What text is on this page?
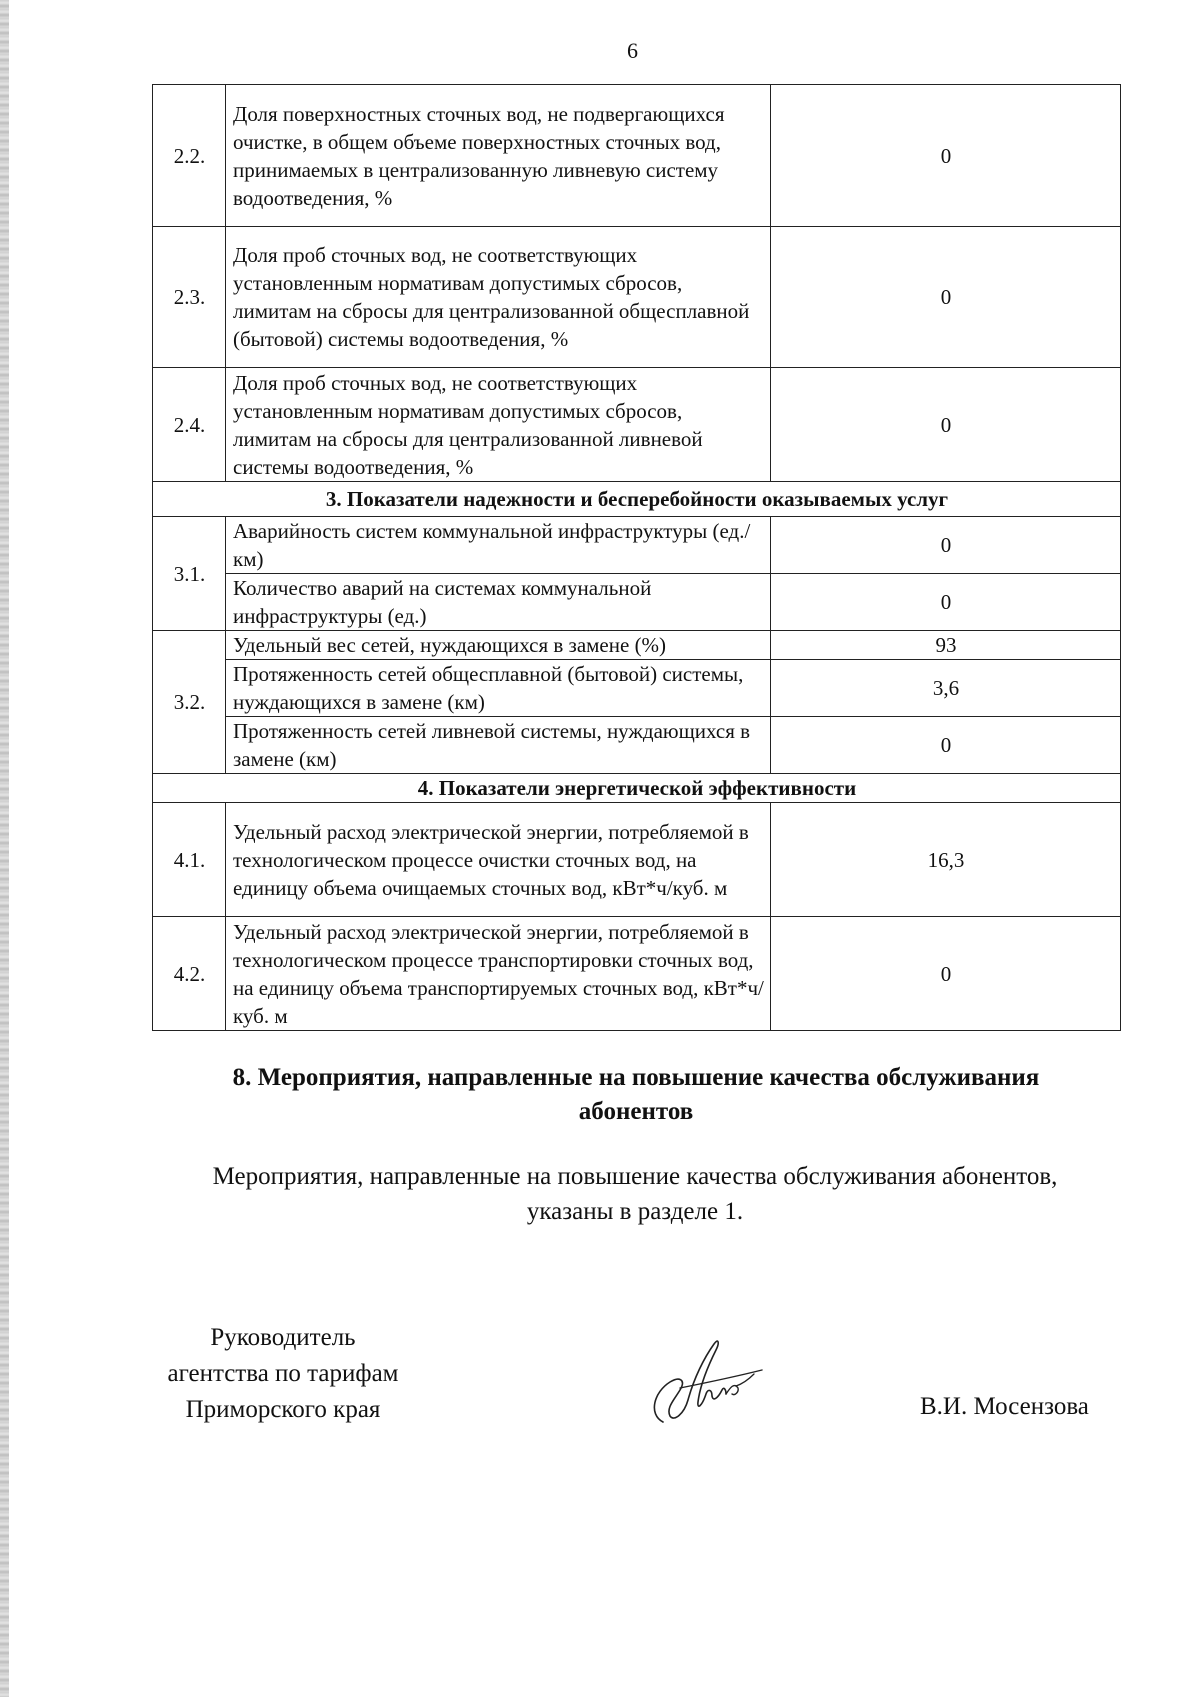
6
2.2.	Доля поверхностных сточных вод, не подвергающихся очистке, в общем объеме поверхностных сточных вод, принимаемых в централизованную ливневую систему водоотведения, %	0
2.3.	Доля проб сточных вод, не соответствующих установленным нормативам допустимых сбросов, лимитам на сбросы для централизованной общесплавной (бытовой) системы водоотведения, %	0
2.4.	Доля проб сточных вод, не соответствующих установленным нормативам допустимых сбросов, лимитам на сбросы для централизованной ливневой системы водоотведения, %	0
3. Показатели надежности и бесперебойности оказываемых услуг		
3.1.	Аварийность систем коммунальной инфраструктуры (ед./км)	0
	Количество аварий на системах коммунальной инфраструктуры (ед.)	0
3.2.	Удельный вес сетей, нуждающихся в замене (%)	93
	Протяженность сетей общесплавной (бытовой) системы, нуждающихся в замене (км)	3,6
	Протяженность сетей ливневой системы, нуждающихся в замене (км)	0
4. Показатели энергетической эффективности		
4.1.	Удельный расход электрической энергии, потребляемой в технологическом процессе очистки сточных вод, на единицу объема очищаемых сточных вод, кВт*ч/куб. м	16,3
4.2.	Удельный расход электрической энергии, потребляемой в технологическом процессе транспортировки сточных вод, на единицу объема транспортируемых сточных вод, кВт*ч/куб. м	0
8. Мероприятия, направленные на повышение качества обслуживания
абонентов
Мероприятия, направленные на повышение качества обслуживания абонентов,
указаны в разделе 1.
Руководитель
агентства по тарифам
Приморского края	В.И. Мосензова
